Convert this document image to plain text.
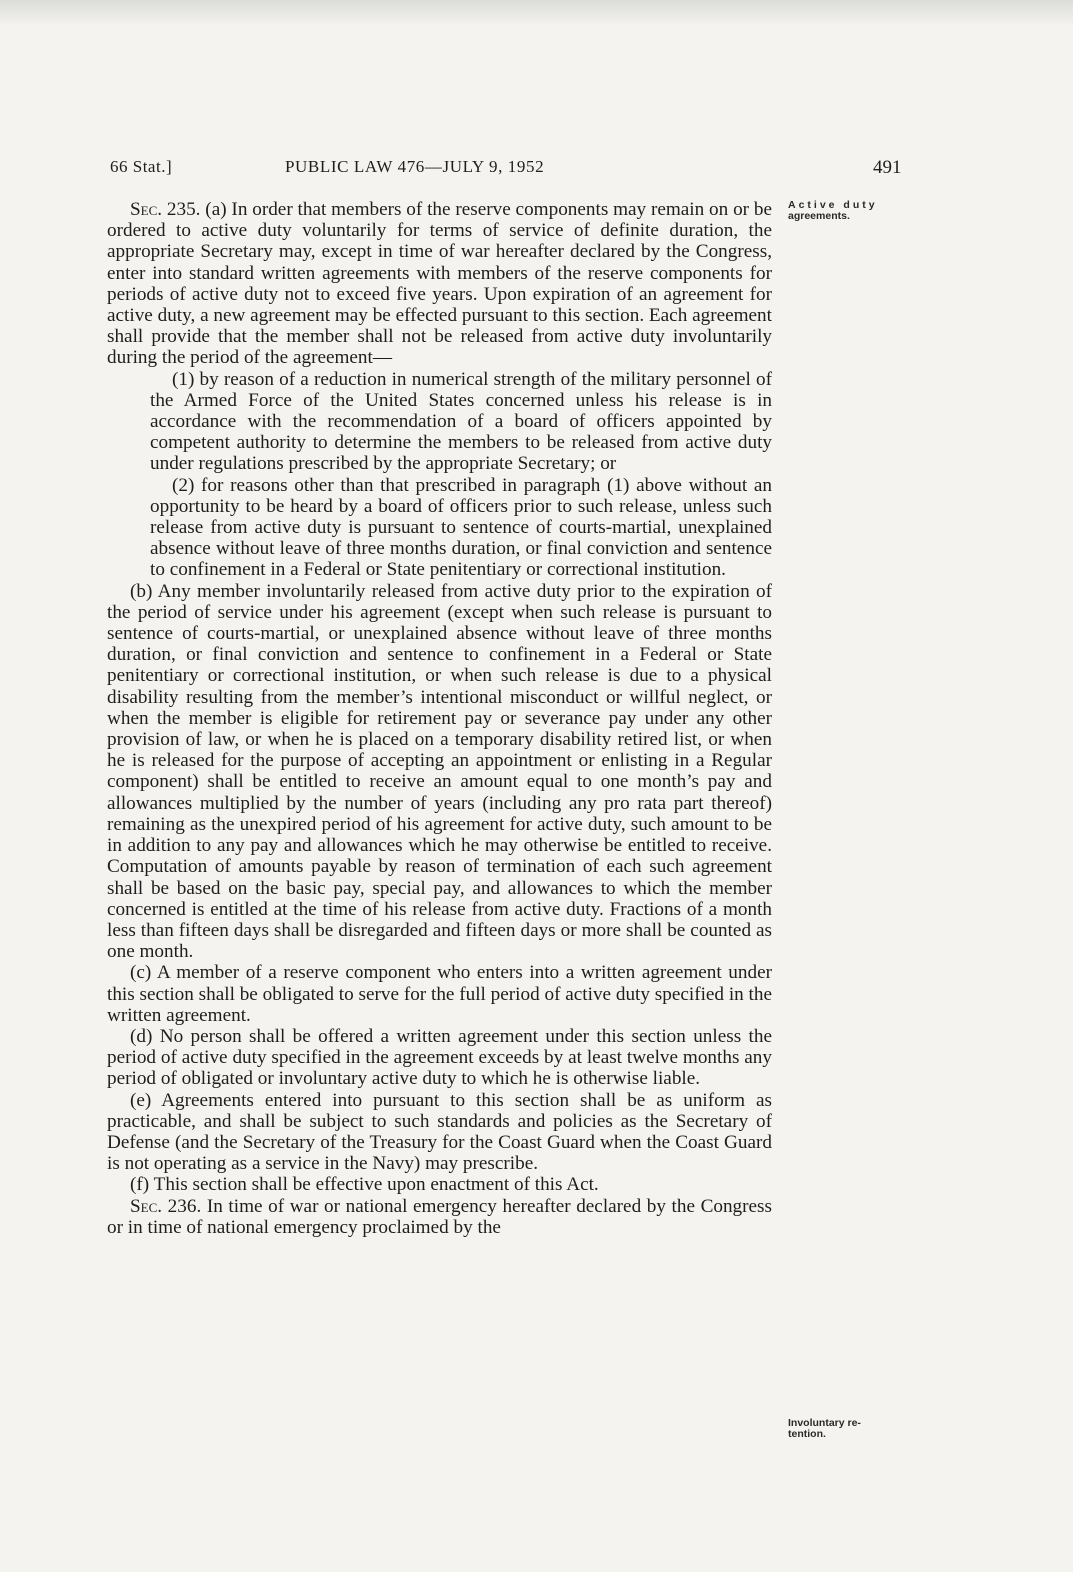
66 Stat.]	PUBLIC LAW 476—JULY 9, 1952	491
Active duty
agreements.
Involuntary re-
tention.

Sec. 235. (a) In order that members of the reserve components may remain on or be ordered to active duty voluntarily for terms of service of definite duration, the appropriate Secretary may, except in time of war hereafter declared by the Congress, enter into standard written agreements with members of the reserve components for periods of active duty not to exceed five years. Upon expiration of an agreement for active duty, a new agreement may be effected pursuant to this section. Each agreement shall provide that the member shall not be released from active duty involuntarily during the period of the agreement—

(1) by reason of a reduction in numerical strength of the military personnel of the Armed Force of the United States concerned unless his release is in accordance with the recommendation of a board of officers appointed by competent authority to determine the members to be released from active duty under regulations prescribed by the appropriate Secretary; or

(2) for reasons other than that prescribed in paragraph (1) above without an opportunity to be heard by a board of officers prior to such release, unless such release from active duty is pursuant to sentence of courts-martial, unexplained absence without leave of three months duration, or final conviction and sentence to confinement in a Federal or State penitentiary or correctional institution.

(b) Any member involuntarily released from active duty prior to the expiration of the period of service under his agreement (except when such release is pursuant to sentence of courts-martial, or unexplained absence without leave of three months duration, or final conviction and sentence to confinement in a Federal or State penitentiary or correctional institution, or when such release is due to a physical disability resulting from the member’s intentional misconduct or willful neglect, or when the member is eligible for retirement pay or severance pay under any other provision of law, or when he is placed on a temporary disability retired list, or when he is released for the purpose of accepting an appointment or enlisting in a Regular component) shall be entitled to receive an amount equal to one month’s pay and allowances multiplied by the number of years (including any pro rata part thereof) remaining as the unexpired period of his agreement for active duty, such amount to be in addition to any pay and allowances which he may otherwise be entitled to receive. Computation of amounts payable by reason of termination of each such agreement shall be based on the basic pay, special pay, and allowances to which the member concerned is entitled at the time of his release from active duty. Fractions of a month less than fifteen days shall be disregarded and fifteen days or more shall be counted as one month.

(c) A member of a reserve component who enters into a written agreement under this section shall be obligated to serve for the full period of active duty specified in the written agreement.

(d) No person shall be offered a written agreement under this section unless the period of active duty specified in the agreement exceeds by at least twelve months any period of obligated or involuntary active duty to which he is otherwise liable.

(e) Agreements entered into pursuant to this section shall be as uniform as practicable, and shall be subject to such standards and policies as the Secretary of Defense (and the Secretary of the Treasury for the Coast Guard when the Coast Guard is not operating as a service in the Navy) may prescribe.

(f) This section shall be effective upon enactment of this Act.

Sec. 236. In time of war or national emergency hereafter declared by the Congress or in time of national emergency proclaimed by the
